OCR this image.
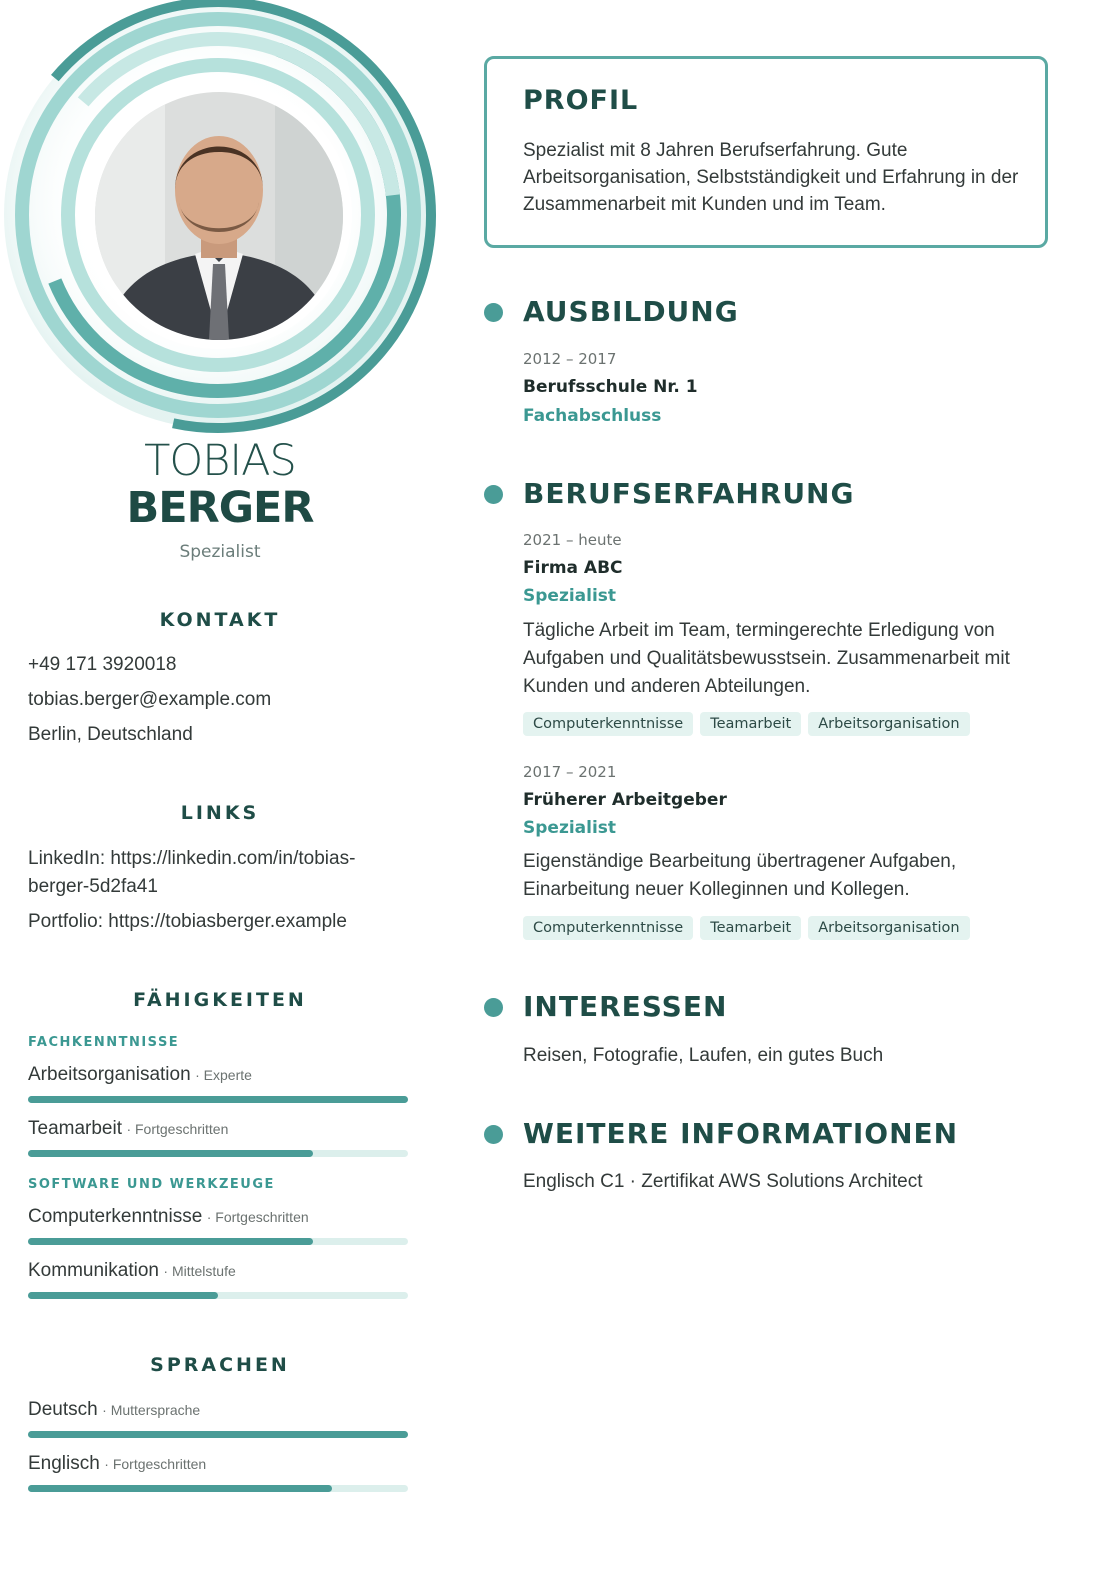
TOBIAS
BERGER
Spezialist
KONTAKT
+49 171 3920018
tobias.berger@example.com
Berlin, Deutschland
LINKS
LinkedIn: https://linkedin.com/in/tobias-berger-5d2fa41
Portfolio: https://tobiasberger.example
FÄHIGKEITEN
FACHKENNTNISSE
Arbeitsorganisation · Experte
Teamarbeit · Fortgeschritten
SOFTWARE UND WERKZEUGE
Computerkenntnisse · Fortgeschritten
Kommunikation · Mittelstufe
SPRACHEN
Deutsch · Muttersprache
Englisch · Fortgeschritten
PROFIL
Spezialist mit 8 Jahren Berufserfahrung. Gute Arbeitsorganisation, Selbstständigkeit und Erfahrung in der Zusammenarbeit mit Kunden und im Team.
AUSBILDUNG
2012 – 2017
Berufsschule Nr. 1
Fachabschluss
BERUFSERFAHRUNG
2021 – heute
Firma ABC
Spezialist
Tägliche Arbeit im Team, termingerechte Erledigung von Aufgaben und Qualitätsbewusstsein. Zusammenarbeit mit Kunden und anderen Abteilungen.
Computerkenntnisse	Teamarbeit	Arbeitsorganisation
2017 – 2021
Früherer Arbeitgeber
Spezialist
Eigenständige Bearbeitung übertragener Aufgaben, Einarbeitung neuer Kolleginnen und Kollegen.
Computerkenntnisse	Teamarbeit	Arbeitsorganisation
INTERESSEN
Reisen, Fotografie, Laufen, ein gutes Buch
WEITERE INFORMATIONEN
Englisch C1 · Zertifikat AWS Solutions Architect
